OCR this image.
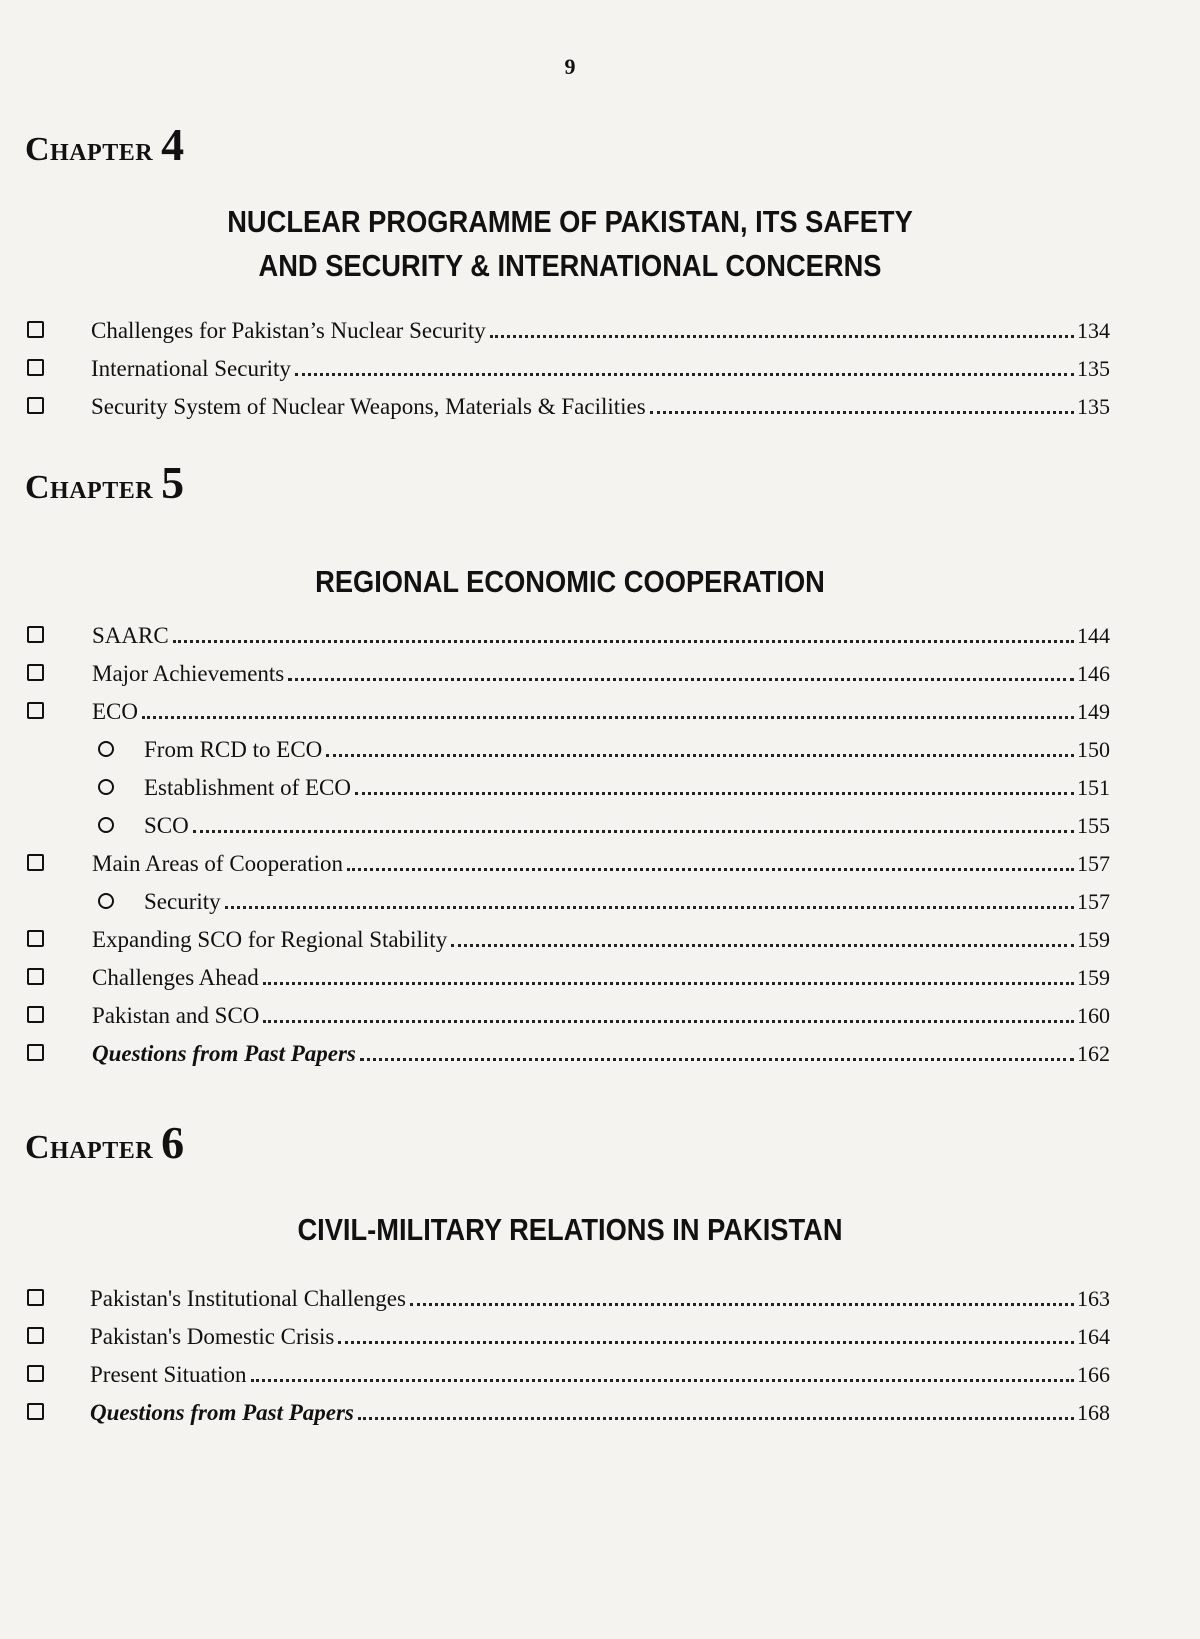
9
Chapter 4
NUCLEAR PROGRAMME OF PAKISTAN, ITS SAFETY
AND SECURITY & INTERNATIONAL CONCERNS
Challenges for Pakistan’s Nuclear Security	134
International Security	135
Security System of Nuclear Weapons, Materials & Facilities	135
Chapter 5
REGIONAL ECONOMIC COOPERATION
SAARC	144
Major Achievements	146
ECO	149
From RCD to ECO	150
Establishment of ECO	151
SCO	155
Main Areas of Cooperation	157
Security	157
Expanding SCO for Regional Stability	159
Challenges Ahead	159
Pakistan and SCO	160
Questions from Past Papers	162
Chapter 6
CIVIL-MILITARY RELATIONS IN PAKISTAN
Pakistan's Institutional Challenges	163
Pakistan's Domestic Crisis	164
Present Situation	166
Questions from Past Papers	168
